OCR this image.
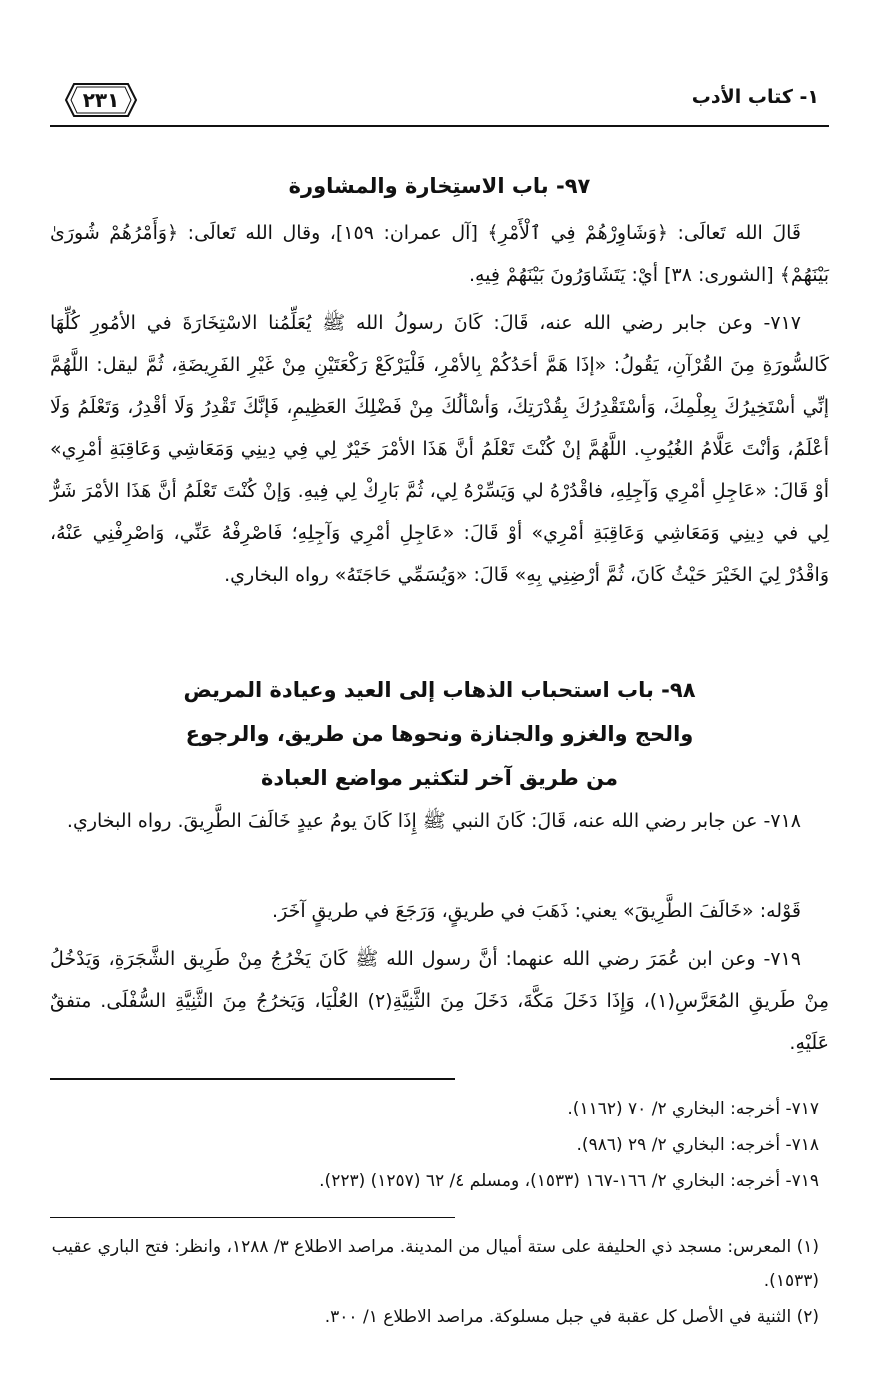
١- كتاب الأدب
٢٣١
٩٧- باب الاستِخارة والمشاورة
قَالَ الله تَعالَى: ﴿وَشَاوِرْهُمْ فِي ٱلْأَمْرِ﴾ [آل عمران: ١٥٩]، وقال الله تَعالَى: ﴿وَأَمْرُهُمْ شُورَىٰ بَيْنَهُمْ﴾ [الشورى: ٣٨] أيْ: يَتَشَاوَرُونَ بَيْنَهُمْ فِيهِ.
٧١٧- وعن جابر رضي الله عنه، قَالَ: كَانَ رسولُ الله ﷺ يُعَلِّمُنا الاسْتِخَارَةَ في الأمُورِ كُلِّهَا كَالسُّورَةِ مِنَ القُرْآنِ، يَقُولُ: «إذَا هَمَّ أحَدُكُمْ بِالأمْرِ، فَلْيَرْكَعْ رَكْعَتَيْنِ مِنْ غَيْرِ الفَرِيضَةِ، ثُمَّ ليقل: اللَّهُمَّ إنِّي أسْتَخِيرُكَ بِعِلْمِكَ، وَأسْتَقْدِرُكَ بِقُدْرَتِكَ، وَأسْألُكَ مِنْ فَضْلِكَ العَظِيمِ، فَإنَّكَ تَقْدِرُ وَلَا أقْدِرُ، وَتَعْلَمُ وَلَا أعْلَمُ، وَأنْتَ عَلَّامُ الغُيُوبِ. اللَّهُمَّ إنْ كُنْتَ تَعْلَمُ أنَّ هَذَا الأمْرَ خَيْرٌ لِي فِي دِينِي وَمَعَاشِي وَعَاقِبَةِ أمْرِي» أوْ قَالَ: «عَاجِلِ أمْرِي وَآجِلِهِ، فاقْدُرْهُ لي وَيَسِّرْهُ لِي، ثُمَّ بَارِكْ لِي فِيهِ. وَإنْ كُنْتَ تَعْلَمُ أنَّ هَذَا الأمْرَ شَرٌّ لِي في دِينِي وَمَعَاشِي وَعَاقِبَةِ أمْرِي» أوْ قَالَ: «عَاجِلِ أمْرِي وَآجِلِهِ؛ فَاصْرِفْهُ عَنِّي، وَاصْرِفْنِي عَنْهُ، وَاقْدُرْ لِيَ الخَيْرَ حَيْثُ كَانَ، ثُمَّ أرْضِنِي بِهِ» قَالَ: «وَيُسَمِّي حَاجَتَهُ» رواه البخاري.
٩٨- باب استحباب الذهاب إلى العيد وعيادة المريض
والحج والغزو والجنازة ونحوها من طريق، والرجوع
من طريق آخر لتكثير مواضع العبادة
٧١٨- عن جابر رضي الله عنه، قَالَ: كَانَ النبي ﷺ إِذَا كَانَ يومُ عيدٍ خَالَفَ الطَّرِيقَ. رواه البخاري.
قَوْله: «خَالَفَ الطَّرِيقَ» يعني: ذَهَبَ في طريقٍ، وَرَجَعَ في طريقٍ آخَرَ.
٧١٩- وعن ابن عُمَرَ رضي الله عنهما: أنَّ رسول الله ﷺ كَانَ يَخْرُجُ مِنْ طَرِيق الشَّجَرَةِ، وَيَدْخُلُ مِنْ طَريقِ المُعَرَّسِ(١)، وَإِذَا دَخَلَ مَكَّةَ، دَخَلَ مِنَ الثَّنِيَّةِ(٢) العُلْيَا، وَيَخرُجُ مِنَ الثَّنِيَّةِ السُّفْلَى. متفقٌ عَلَيْهِ.
٧١٧- أخرجه: البخاري ٢/ ٧٠ (١١٦٢).
٧١٨- أخرجه: البخاري ٢/ ٢٩ (٩٨٦).
٧١٩- أخرجه: البخاري ٢/ ١٦٦-١٦٧ (١٥٣٣)، ومسلم ٤/ ٦٢ (١٢٥٧) (٢٢٣).
(١) المعرس: مسجد ذي الحليفة على ستة أميال من المدينة. مراصد الاطلاع ٣/ ١٢٨٨، وانظر: فتح الباري عقيب (١٥٣٣).
(٢) الثنية في الأصل كل عقبة في جبل مسلوكة. مراصد الاطلاع ١/ ٣٠٠.
